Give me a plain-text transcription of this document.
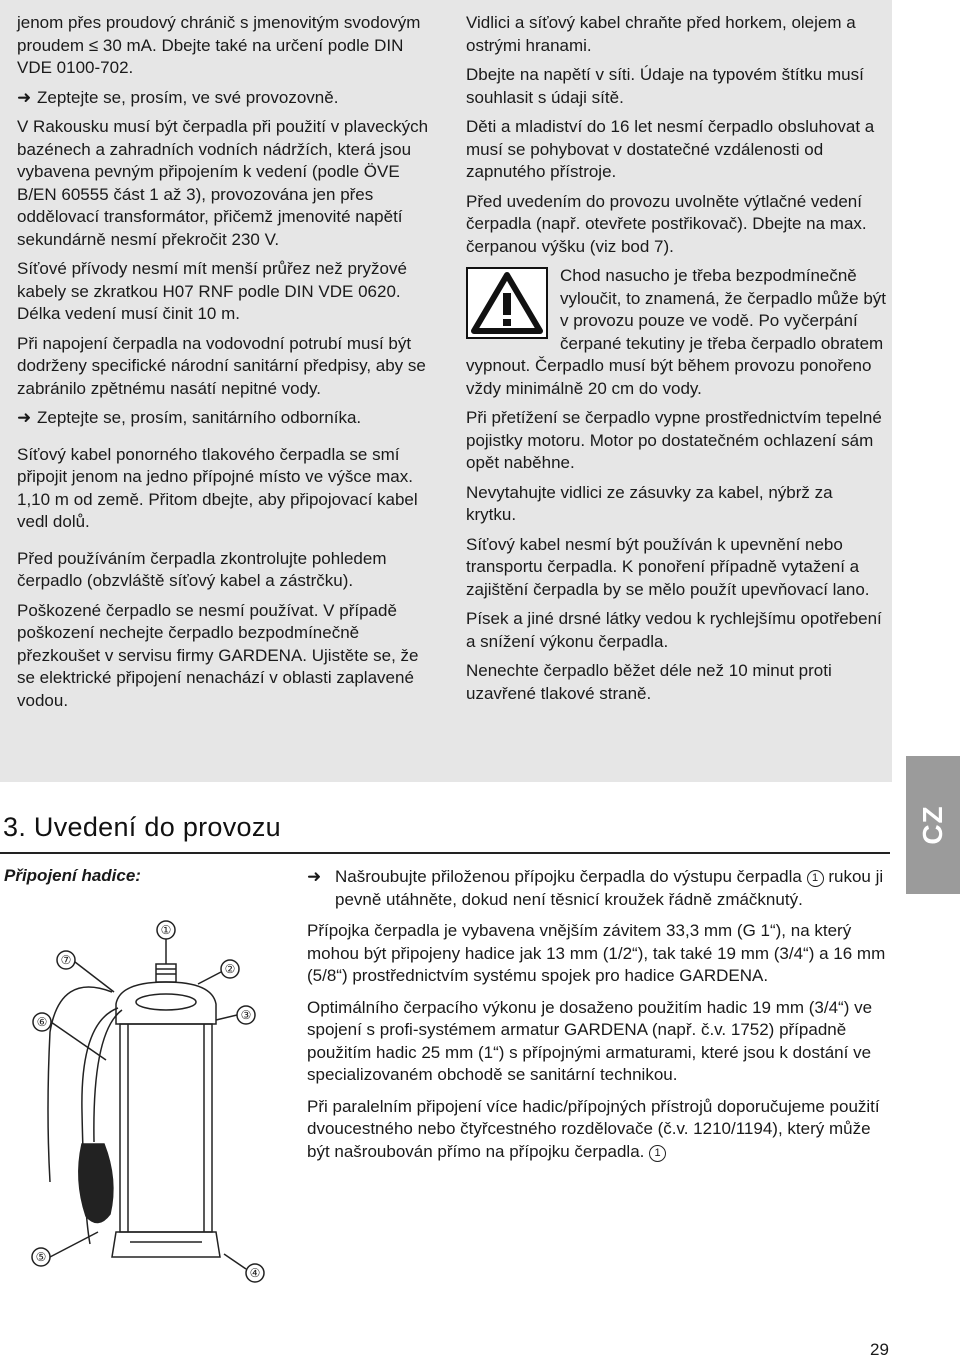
jenom přes proudový chránič s jmenovitým svodovým proudem ≤ 30 mA. Dbejte také na určení podle DIN VDE 0100-702.

➜ Zeptejte se, prosím, ve své provozovně.

V Rakousku musí být čerpadla při použití v plaveckých bazénech a zahradních vodních nádržích, která jsou vybavena pevným připojením k vedení (podle ÖVE B/EN 60555 část 1 až 3), provozována jen přes oddělovací transformátor, přičemž jmenovité napětí sekundárně nesmí překročit 230 V.

Síťové přívody nesmí mít menší průřez než pryžové kabely se zkratkou H07 RNF podle DIN VDE 0620. Délka vedení musí činit 10 m.

Při napojení čerpadla na vodovodní potrubí musí být dodrženy specifické národní sanitární předpisy, aby se zabránilo zpětnému nasátí nepitné vody.

➜ Zeptejte se, prosím, sanitárního odborníka.

Síťový kabel ponorného tlakového čerpadla se smí připojit jenom na jedno přípojné místo ve výšce max. 1,10 m od země. Přitom dbejte, aby připojovací kabel vedl dolů.

Před používáním čerpadla zkontrolujte pohledem čerpadlo (obzvláště síťový kabel a zástrčku).

Poškozené čerpadlo se nesmí používat. V případě poškození nechejte čerpadlo bezpodmínečně přezkoušet v servisu firmy GARDENA. Ujistěte se, že se elektrické připojení nenachází v oblasti zaplavené vodou.

Vidlici a síťový kabel chraňte před horkem, olejem a ostrými hranami.

Dbejte na napětí v síti. Údaje na typovém štítku musí souhlasit s údaji sítě.

Děti a mladiství do 16 let nesmí čerpadlo obsluhovat a musí se pohybovat v dostatečné vzdálenosti od zapnutého přístroje.

Před uvedením do provozu uvolněte výtlačné vedení čerpadla (např. otevřete postřikovač). Dbejte na max. čerpanou výšku (viz bod 7).

Chod nasucho je třeba bezpodmínečně vyloučit, to znamená, že čerpadlo může být v provozu pouze ve vodě. Po vyčerpání čerpané tekutiny je třeba čerpadlo obratem vypnout. Čerpadlo musí být během provozu ponořeno vždy minimálně 20 cm do vody.

Při přetížení se čerpadlo vypne prostřednictvím tepelné pojistky motoru. Motor po dostatečném ochlazení sám opět naběhne.

Nevytahujte vidlici ze zásuvky za kabel, nýbrž za krytku.

Síťový kabel nesmí být používán k upevnění nebo transportu čerpadla. K ponoření případně vytažení a zajištění čerpadla by se mělo použít upevňovací lano.

Písek a jiné drsné látky vedou k rychlejšímu opotřebení a snížení výkonu čerpadla.

Nenechte čerpadlo běžet déle než 10 minut proti uzavřené tlakové straně.

CZ
3. Uvedení do provozu
Připojení hadice:
①
②
③
④
⑤
⑥
⑦

➜ Našroubujte přiloženou přípojku čerpadla do výstupu čerpadla 1 rukou ji pevně utáhněte, dokud není těsnicí kroužek řádně zmáčknutý.

Přípojka čerpadla je vybavena vnějším závitem 33,3 mm (G 1“), na který mohou být připojeny hadice jak 13 mm (1/2“), tak také 19 mm (3/4“) a 16 mm (5/8“) prostřednictvím systému spojek pro hadice GARDENA.

Optimálního čerpacího výkonu je dosaženo použitím hadic 19 mm (3/4“) ve spojení s profi-systémem armatur GARDENA (např. č.v. 1752) případně použitím hadic 25 mm (1“) s přípojnými armaturami, které jsou k dostání ve specializovaném obchodě se sanitární technikou.

Při paralelním připojení více hadic/přípojných přístrojů doporučujeme použití dvoucestného nebo čtyřcestného rozdělovače (č.v. 1210/1194), který může být našroubován přímo na přípojku čerpadla. 1

29
